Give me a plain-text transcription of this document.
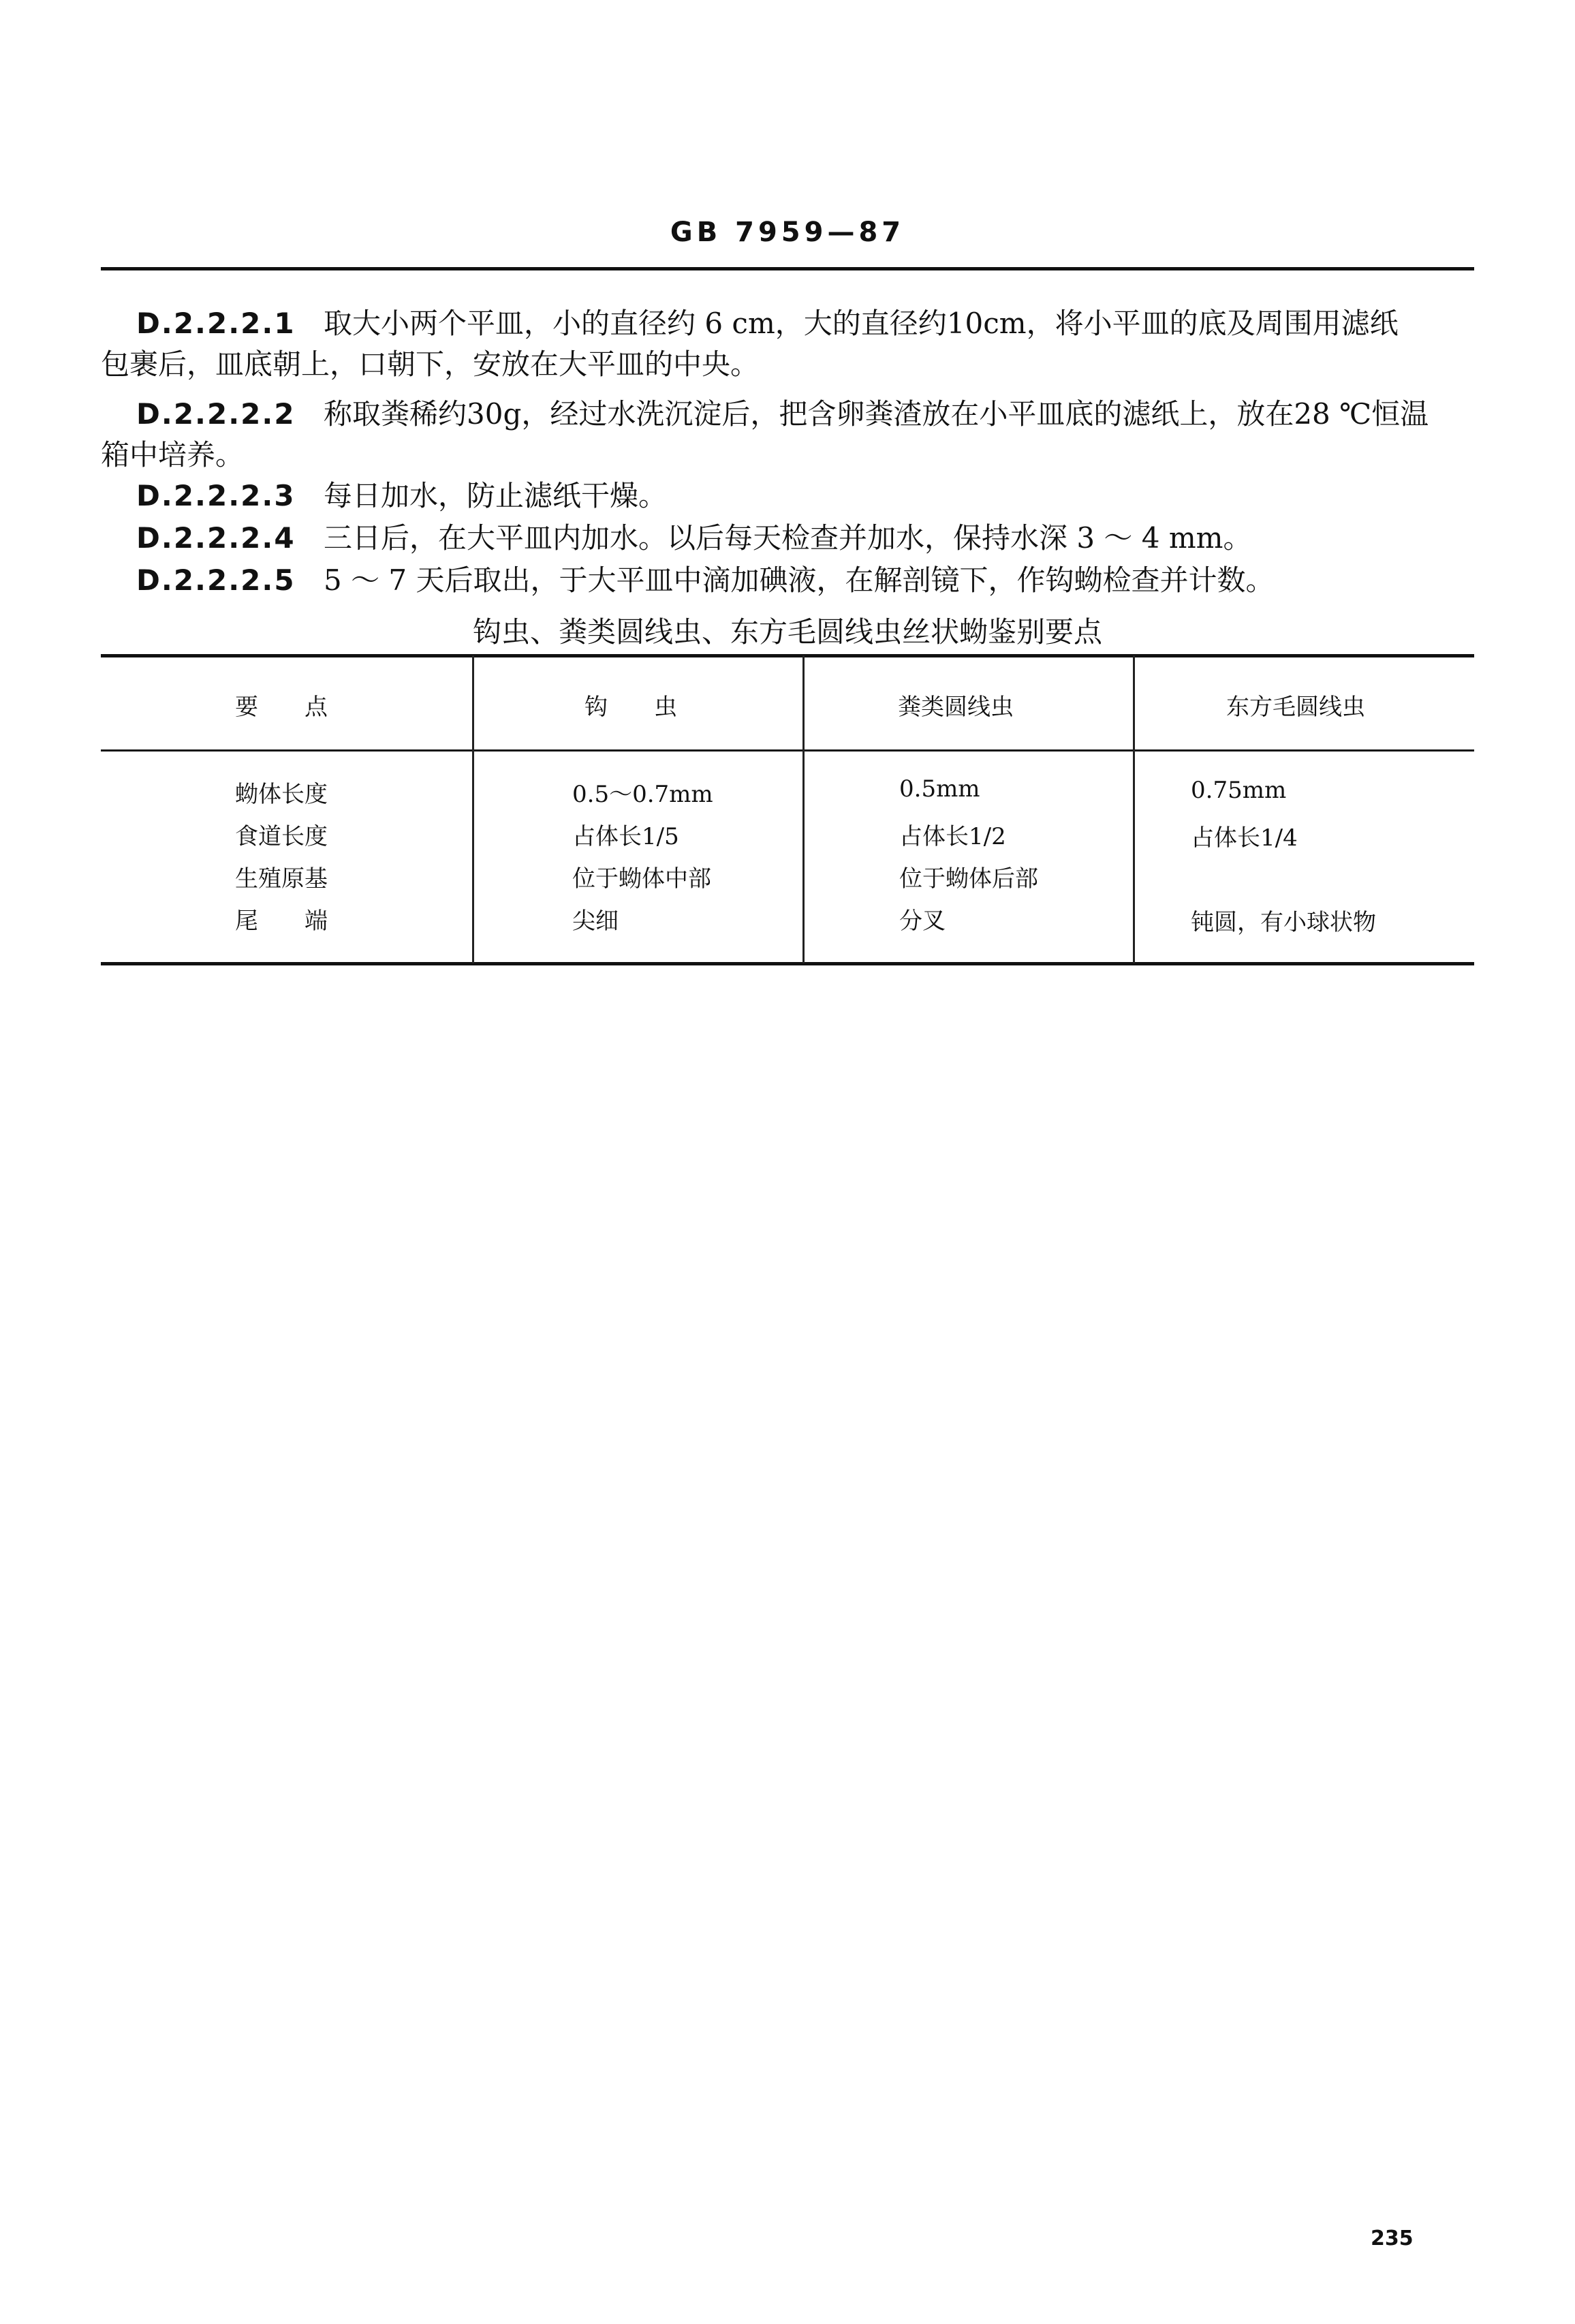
GB 7959—87
D.2.2.2.1 取大小两个平皿，小的直径约 6 cm，大的直径约10cm，将小平皿的底及周围用滤纸
包裹后，皿底朝上，口朝下，安放在大平皿的中央。
D.2.2.2.2 称取粪稀约30g，经过水洗沉淀后，把含卵粪渣放在小平皿底的滤纸上，放在28 ℃恒温
箱中培养。
D.2.2.2.3 每日加水，防止滤纸干燥。
D.2.2.2.4 三日后，在大平皿内加水。以后每天检查并加水，保持水深 3 ～ 4 mm。
D.2.2.2.5 5 ～ 7 天后取出，于大平皿中滴加碘液，在解剖镜下，作钩蚴检查并计数。
钩虫、粪类圆线虫、东方毛圆线虫丝状蚴鉴别要点
要　　点	钩　　虫	粪类圆线虫	东方毛圆线虫
蚴体长度	0.5～0.7mm	0.5mm	0.75mm
食道长度	占体长1/5	占体长1/2	占体长1/4
生殖原基	位于蚴体中部	位于蚴体后部
尾　　端	尖细	分叉	钝圆，有小球状物
235
